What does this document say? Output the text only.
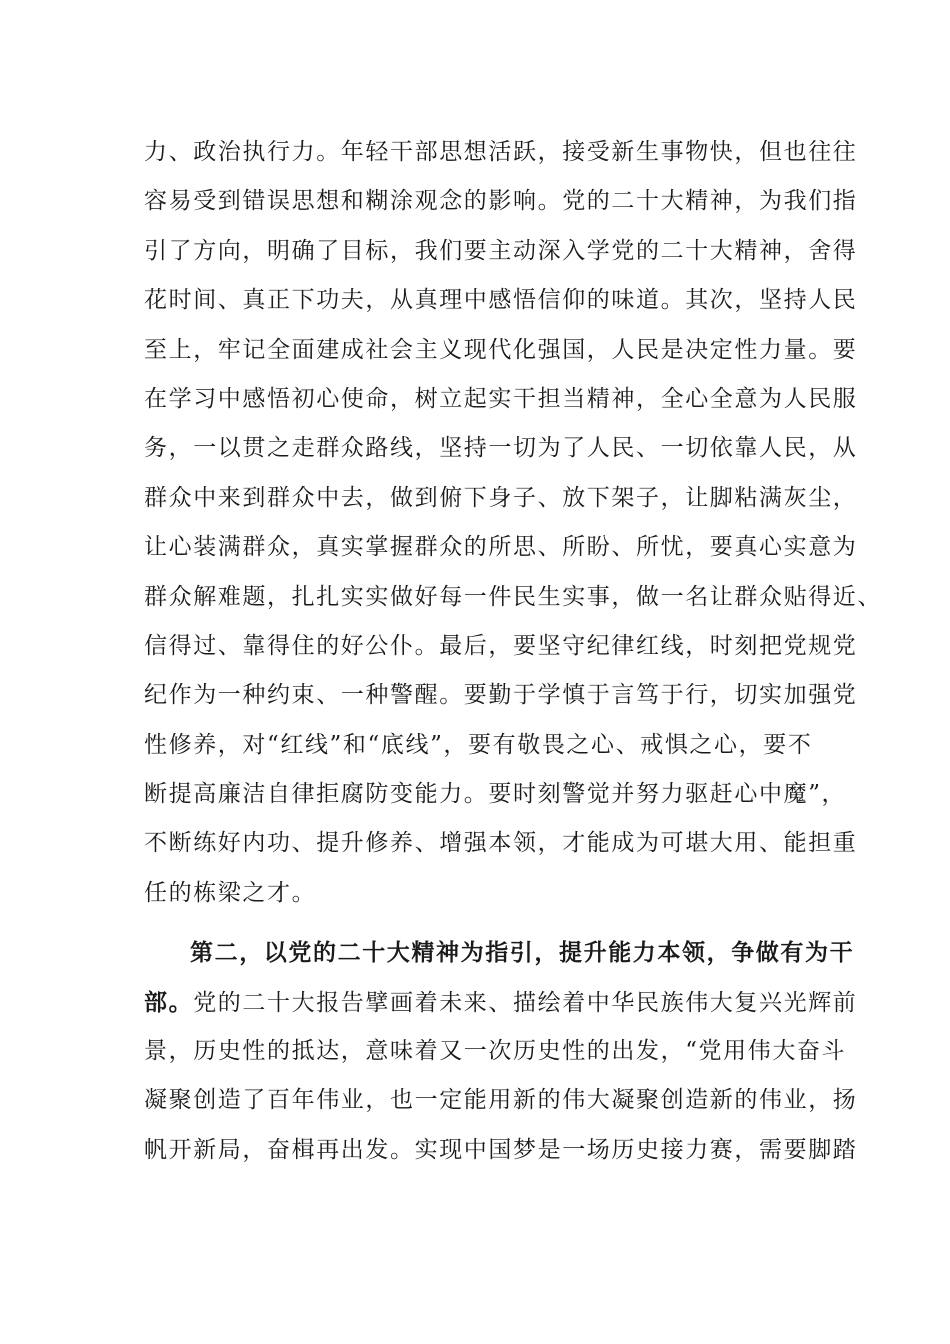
力、政治执行力。年轻干部思想活跃，接受新生事物快，但也往往
容易受到错误思想和糊涂观念的影响。党的二十大精神，为我们指
引了方向，明确了目标，我们要主动深入学党的二十大精神，舍得
花时间、真正下功夫，从真理中感悟信仰的味道。其次，坚持人民
至上，牢记全面建成社会主义现代化强国，人民是决定性力量。要
在学习中感悟初心使命，树立起实干担当精神，全心全意为人民服
务，一以贯之走群众路线，坚持一切为了人民、一切依靠人民，从
群众中来到群众中去，做到俯下身子、放下架子，让脚粘满灰尘，
让心装满群众，真实掌握群众的所思、所盼、所忧，要真心实意为
群众解难题，扎扎实实做好每一件民生实事，做一名让群众贴得近、
信得过、靠得住的好公仆。最后，要坚守纪律红线，时刻把党规党
纪作为一种约束、一种警醒。要勤于学慎于言笃于行，切实加强党
性修养，对“红线”和“底线”，要有敬畏之心、戒惧之心，要不
断提高廉洁自律拒腐防变能力。要时刻警觉并努力驱赶心中魔”，
不断练好内功、提升修养、增强本领，才能成为可堪大用、能担重
任的栋梁之才。
第二，以党的二十大精神为指引，提升能力本领，争做有为干
部。党的二十大报告擘画着未来、描绘着中华民族伟大复兴光辉前
景，历史性的抵达，意味着又一次历史性的出发，“党用伟大奋斗
凝聚创造了百年伟业，也一定能用新的伟大凝聚创造新的伟业，扬
帆开新局，奋楫再出发。实现中国梦是一场历史接力赛，需要脚踏
